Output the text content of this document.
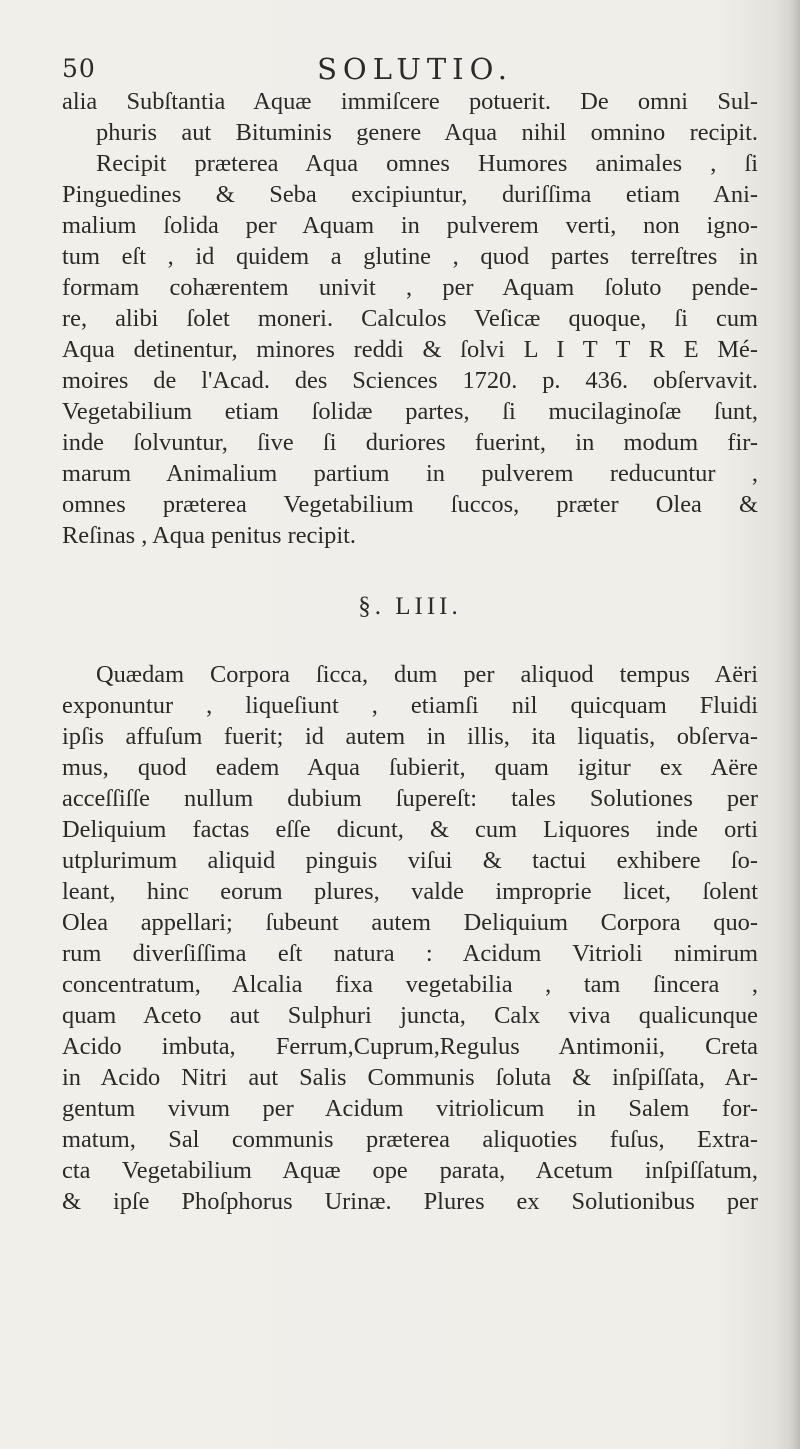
50	SOLUTIO.
alia Subſtantia Aquæ immiſcere potuerit. De omni Sul-
phuris aut Bituminis genere Aqua nihil omnino recipit.
Recipit præterea Aqua omnes Humores animales , ſi
Pinguedines & Seba excipiuntur, duriſſima etiam Ani-
malium ſolida per Aquam in pulverem verti, non igno-
tum eſt , id quidem a glutine , quod partes terreſtres in
formam cohærentem univit , per Aquam ſoluto pende-
re, alibi ſolet moneri. Calculos Veſicæ quoque, ſi cum
Aqua detinentur, minores reddi & ſolvi L I T T R E Mé-
moires de l'Acad. des Sciences 1720. p. 436. obſervavit.
Vegetabilium etiam ſolidæ partes, ſi mucilaginoſæ ſunt,
inde ſolvuntur, ſive ſi duriores fuerint, in modum fir-
marum Animalium partium in pulverem reducuntur ,
omnes præterea Vegetabilium ſuccos, præter Olea &
Reſinas , Aqua penitus recipit.
§. LIII.
Quædam Corpora ſicca, dum per aliquod tempus Aëri
exponuntur , liqueſiunt , etiamſi nil quicquam Fluidi
ipſis affuſum fuerit; id autem in illis, ita liquatis, obſerva-
mus, quod eadem Aqua ſubierit, quam igitur ex Aëre
acceſſiſſe nullum dubium ſupereſt: tales Solutiones per
Deliquium factas eſſe dicunt, & cum Liquores inde orti
utplurimum aliquid pinguis viſui & tactui exhibere ſo-
leant, hinc eorum plures, valde improprie licet, ſolent
Olea appellari; ſubeunt autem Deliquium Corpora quo-
rum diverſiſſima eſt natura : Acidum Vitrioli nimirum
concentratum, Alcalia fixa vegetabilia , tam ſincera ,
quam Aceto aut Sulphuri juncta, Calx viva qualicunque
Acido imbuta, Ferrum,Cuprum,Regulus Antimonii, Creta
in Acido Nitri aut Salis Communis ſoluta & inſpiſſata, Ar-
gentum vivum per Acidum vitriolicum in Salem for-
matum, Sal communis præterea aliquoties fuſus, Extra-
cta Vegetabilium Aquæ ope parata, Acetum inſpiſſatum,
& ipſe Phoſphorus Urinæ. Plures ex Solutionibus per
